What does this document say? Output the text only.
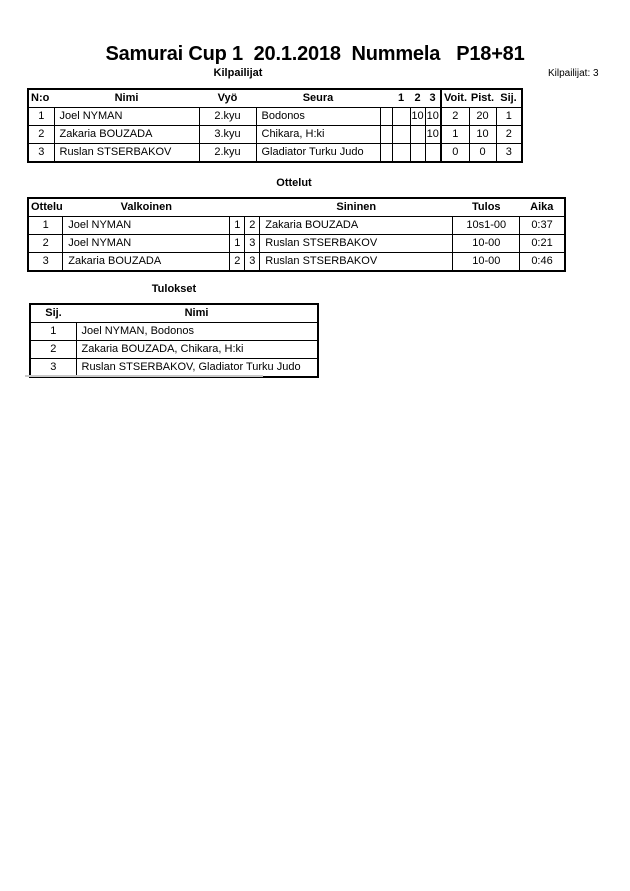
Samurai Cup 1  20.1.2018  Nummela   P18+81
Kilpailijat	Kilpailijat: 3
N:o	Nimi	Vyö	Seura		1	2	3	Voit.	Pist.	Sij.
1	Joel NYMAN	2.kyu	Bodonos			10	10	2	20	1
2	Zakaria BOUZADA	3.kyu	Chikara, H:ki				10	1	10	2
3	Ruslan STSERBAKOV	2.kyu	Gladiator Turku Judo					0	0	3
Ottelut
Ottelu	Valkoinen			Sininen	Tulos	Aika
1	Joel NYMAN	1	2	Zakaria BOUZADA	10s1-00	0:37
2	Joel NYMAN	1	3	Ruslan STSERBAKOV	10-00	0:21
3	Zakaria BOUZADA	2	3	Ruslan STSERBAKOV	10-00	0:46
Tulokset
Sij.	Nimi
1	Joel NYMAN, Bodonos
2	Zakaria BOUZADA, Chikara, H:ki
3	Ruslan STSERBAKOV, Gladiator Turku Judo
